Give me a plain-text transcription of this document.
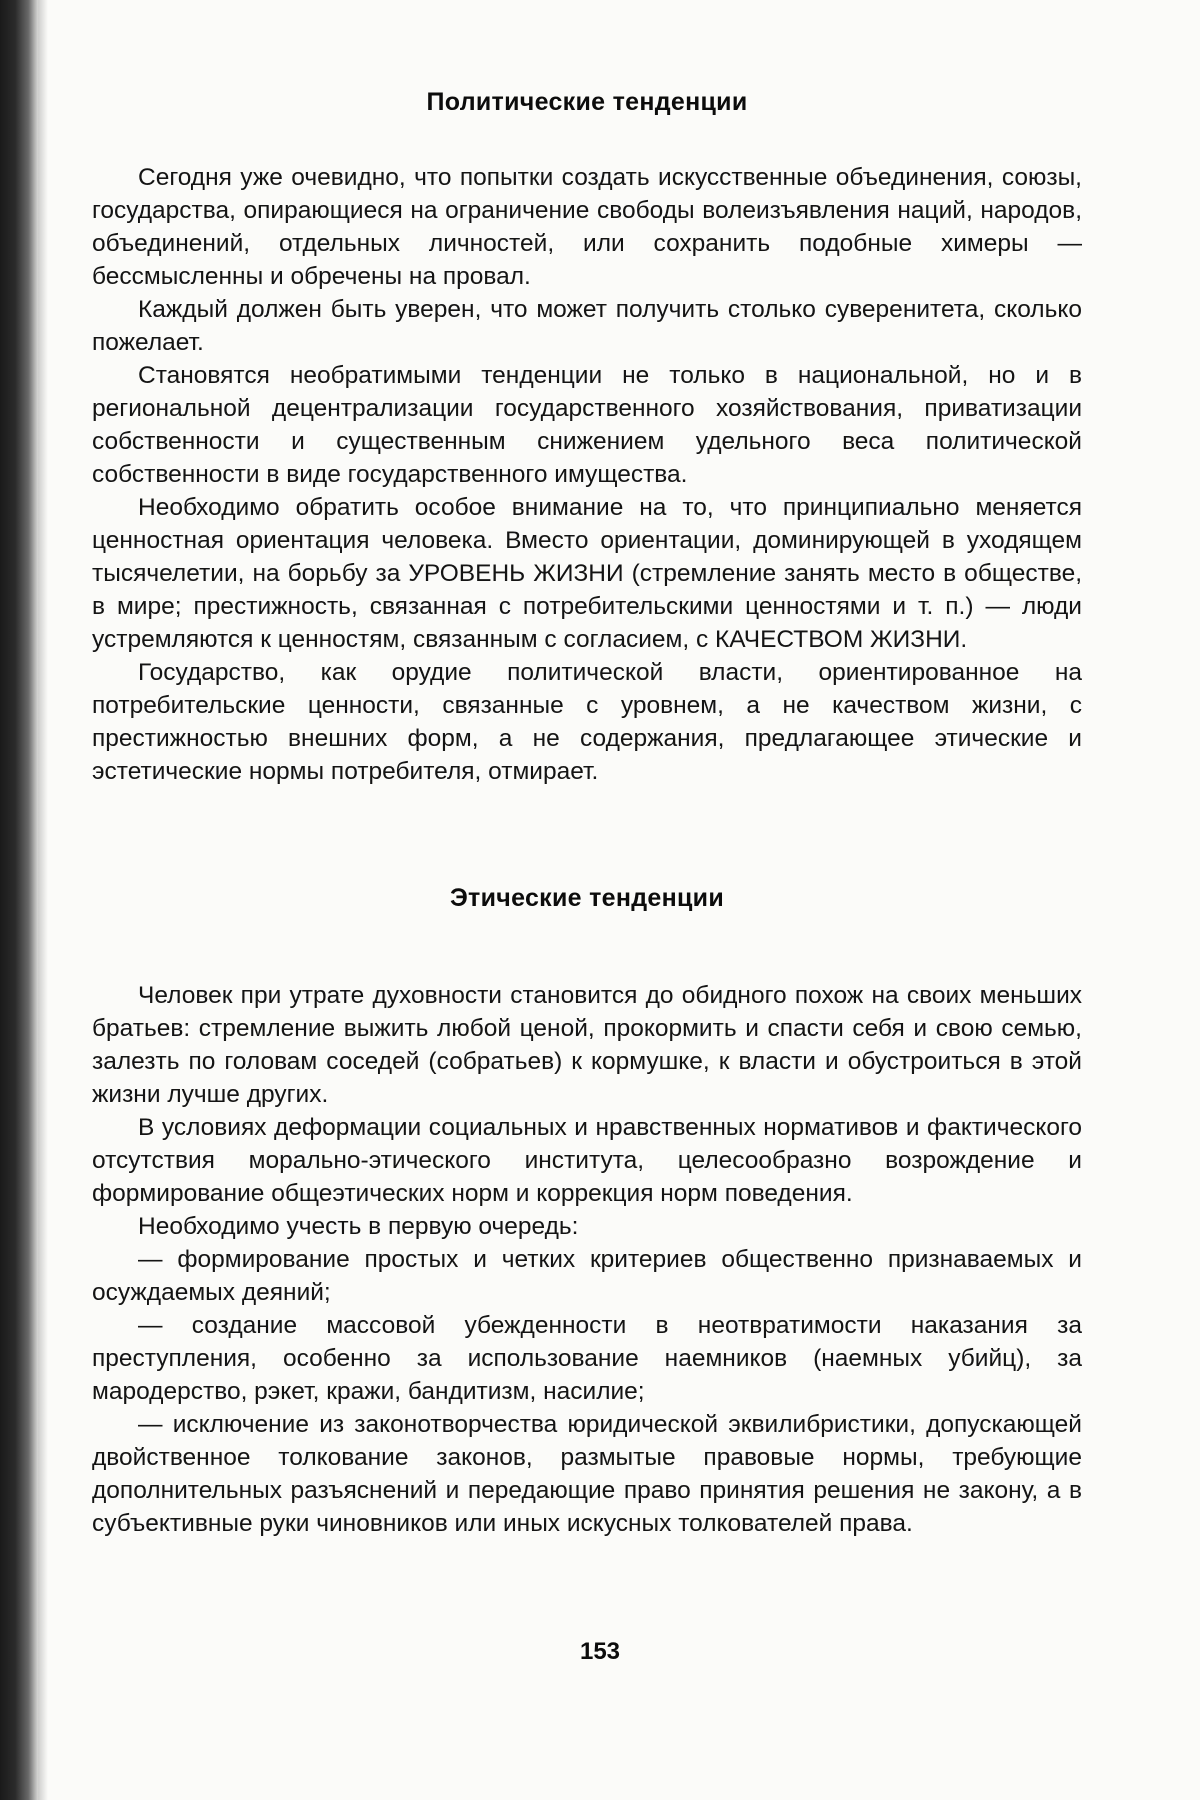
Политические тенденции

Сегодня уже очевидно, что попытки создать искусственные объединения, союзы, государства, опирающиеся на ограничение свободы волеизъявления наций, народов, объединений, отдельных личностей, или сохранить подобные химеры — бессмысленны и обречены на провал.

Каждый должен быть уверен, что может получить столько суверенитета, сколько пожелает.

Становятся необратимыми тенденции не только в национальной, но и в региональной децентрализации государственного хозяйствования, приватизации собственности и существенным снижением удельного веса политической собственности в виде государственного имущества.

Необходимо обратить особое внимание на то, что принципиально меняется ценностная ориентация человека. Вместо ориентации, доминирующей в уходящем тысячелетии, на борьбу за УРОВЕНЬ ЖИЗНИ (стремление занять место в обществе, в мире; престижность, связанная с потребительскими ценностями и т. п.) — люди устремляются к ценностям, связанным с согласием, с КАЧЕСТВОМ ЖИЗНИ.

Государство, как орудие политической власти, ориентированное на потребительские ценности, связанные с уровнем, а не качеством жизни, с престижностью внешних форм, а не содержания, предлагающее этические и эстетические нормы потребителя, отмирает.

Этические тенденции

Человек при утрате духовности становится до обидного похож на своих меньших братьев: стремление выжить любой ценой, прокормить и спасти себя и свою семью, залезть по головам соседей (собратьев) к кормушке, к власти и обустроиться в этой жизни лучше других.

В условиях деформации социальных и нравственных нормативов и фактического отсутствия морально-этического института, целесообразно возрождение и формирование общеэтических норм и коррекция норм поведения.

Необходимо учесть в первую очередь:

— формирование простых и четких критериев общественно признаваемых и осуждаемых деяний;

— создание массовой убежденности в неотвратимости наказания за преступления, особенно за использование наемников (наемных убийц), за мародерство, рэкет, кражи, бандитизм, насилие;

— исключение из законотворчества юридической эквилибристики, допускающей двойственное толкование законов, размытые правовые нормы, требующие дополнительных разъяснений и передающие право принятия решения не закону, а в субъективные руки чиновников или иных искусных толкователей права.

153
